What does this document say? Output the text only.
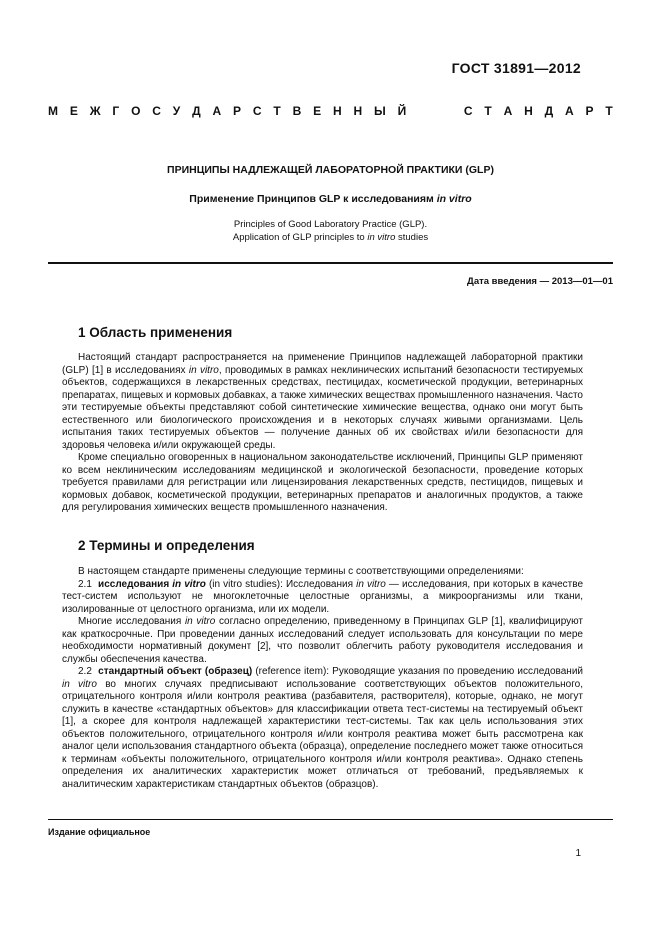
ГОСТ 31891—2012
М Е Ж Г О С У Д А Р С Т В Е Н Н Ы Й	С Т А Н Д А Р Т
ПРИНЦИПЫ НАДЛЕЖАЩЕЙ ЛАБОРАТОРНОЙ ПРАКТИКИ (GLP)
Применение Принципов GLP к исследованиям in vitro
Principles of Good Laboratory Practice (GLP).
Application of GLP principles to in vitro studies
Дата введения — 2013—01—01
1 Область применения

Настоящий стандарт распространяется на применение Принципов надлежащей лабораторной практики (GLP) [1] в исследованиях in vitro, проводимых в рамках неклинических испытаний безопасности тестируемых объектов, содержащихся в лекарственных средствах, пестицидах, косметической продукции, ветеринарных препаратах, пищевых и кормовых добавках, а также химических веществах промышленного назначения. Часто эти тестируемые объекты представляют собой синтетические химические вещества, однако они могут быть естественного или биологического происхождения и в некоторых случаях живыми организмами. Цель испытания таких тестируемых объектов — получение данных об их свойствах и/или безопасности для здоровья человека и/или окружающей среды.

Кроме специально оговоренных в национальном законодательстве исключений, Принципы GLP применяют ко всем неклиническим исследованиям медицинской и экологической безопасности, проведение которых требуется правилами для регистрации или лицензирования лекарственных средств, пестицидов, пищевых и кормовых добавок, косметической продукции, ветеринарных препаратов и аналогичных продуктов, а также для регулирования химических веществ промышленного назначения.

2 Термины и определения

В настоящем стандарте применены следующие термины с соответствующими определениями:

2.1 исследования in vitro (in vitro studies): Исследования in vitro — исследования, при которых в качестве тест-систем используют не многоклеточные целостные организмы, а микроорганизмы или ткани, изолированные от целостного организма, или их модели.

Многие исследования in vitro согласно определению, приведенному в Принципах GLP [1], квалифицируют как краткосрочные. При проведении данных исследований следует использовать для консультации по мере необходимости нормативный документ [2], что позволит облегчить работу руководителя исследования и службы обеспечения качества.

2.2 стандартный объект (образец) (reference item): Руководящие указания по проведению исследований in vitro во многих случаях предписывают использование соответствующих объектов положительного, отрицательного контроля и/или контроля реактива (разбавителя, растворителя), которые, однако, не могут служить в качестве «стандартных объектов» для классификации ответа тест-системы на тестируемый объект [1], а скорее для контроля надлежащей характеристики тест-системы. Так как цель использования этих объектов положительного, отрицательного контроля и/или контроля реактива может быть рассмотрена как аналог цели использования стандартного объекта (образца), определение последнего может также относиться к терминам «объекты положительного, отрицательного контроля и/или контроля реактива». Однако степень определения их аналитических характеристик может отличаться от требований, предъявляемых к аналитическим характеристикам стандартных объектов (образцов).

Издание официальное
1
